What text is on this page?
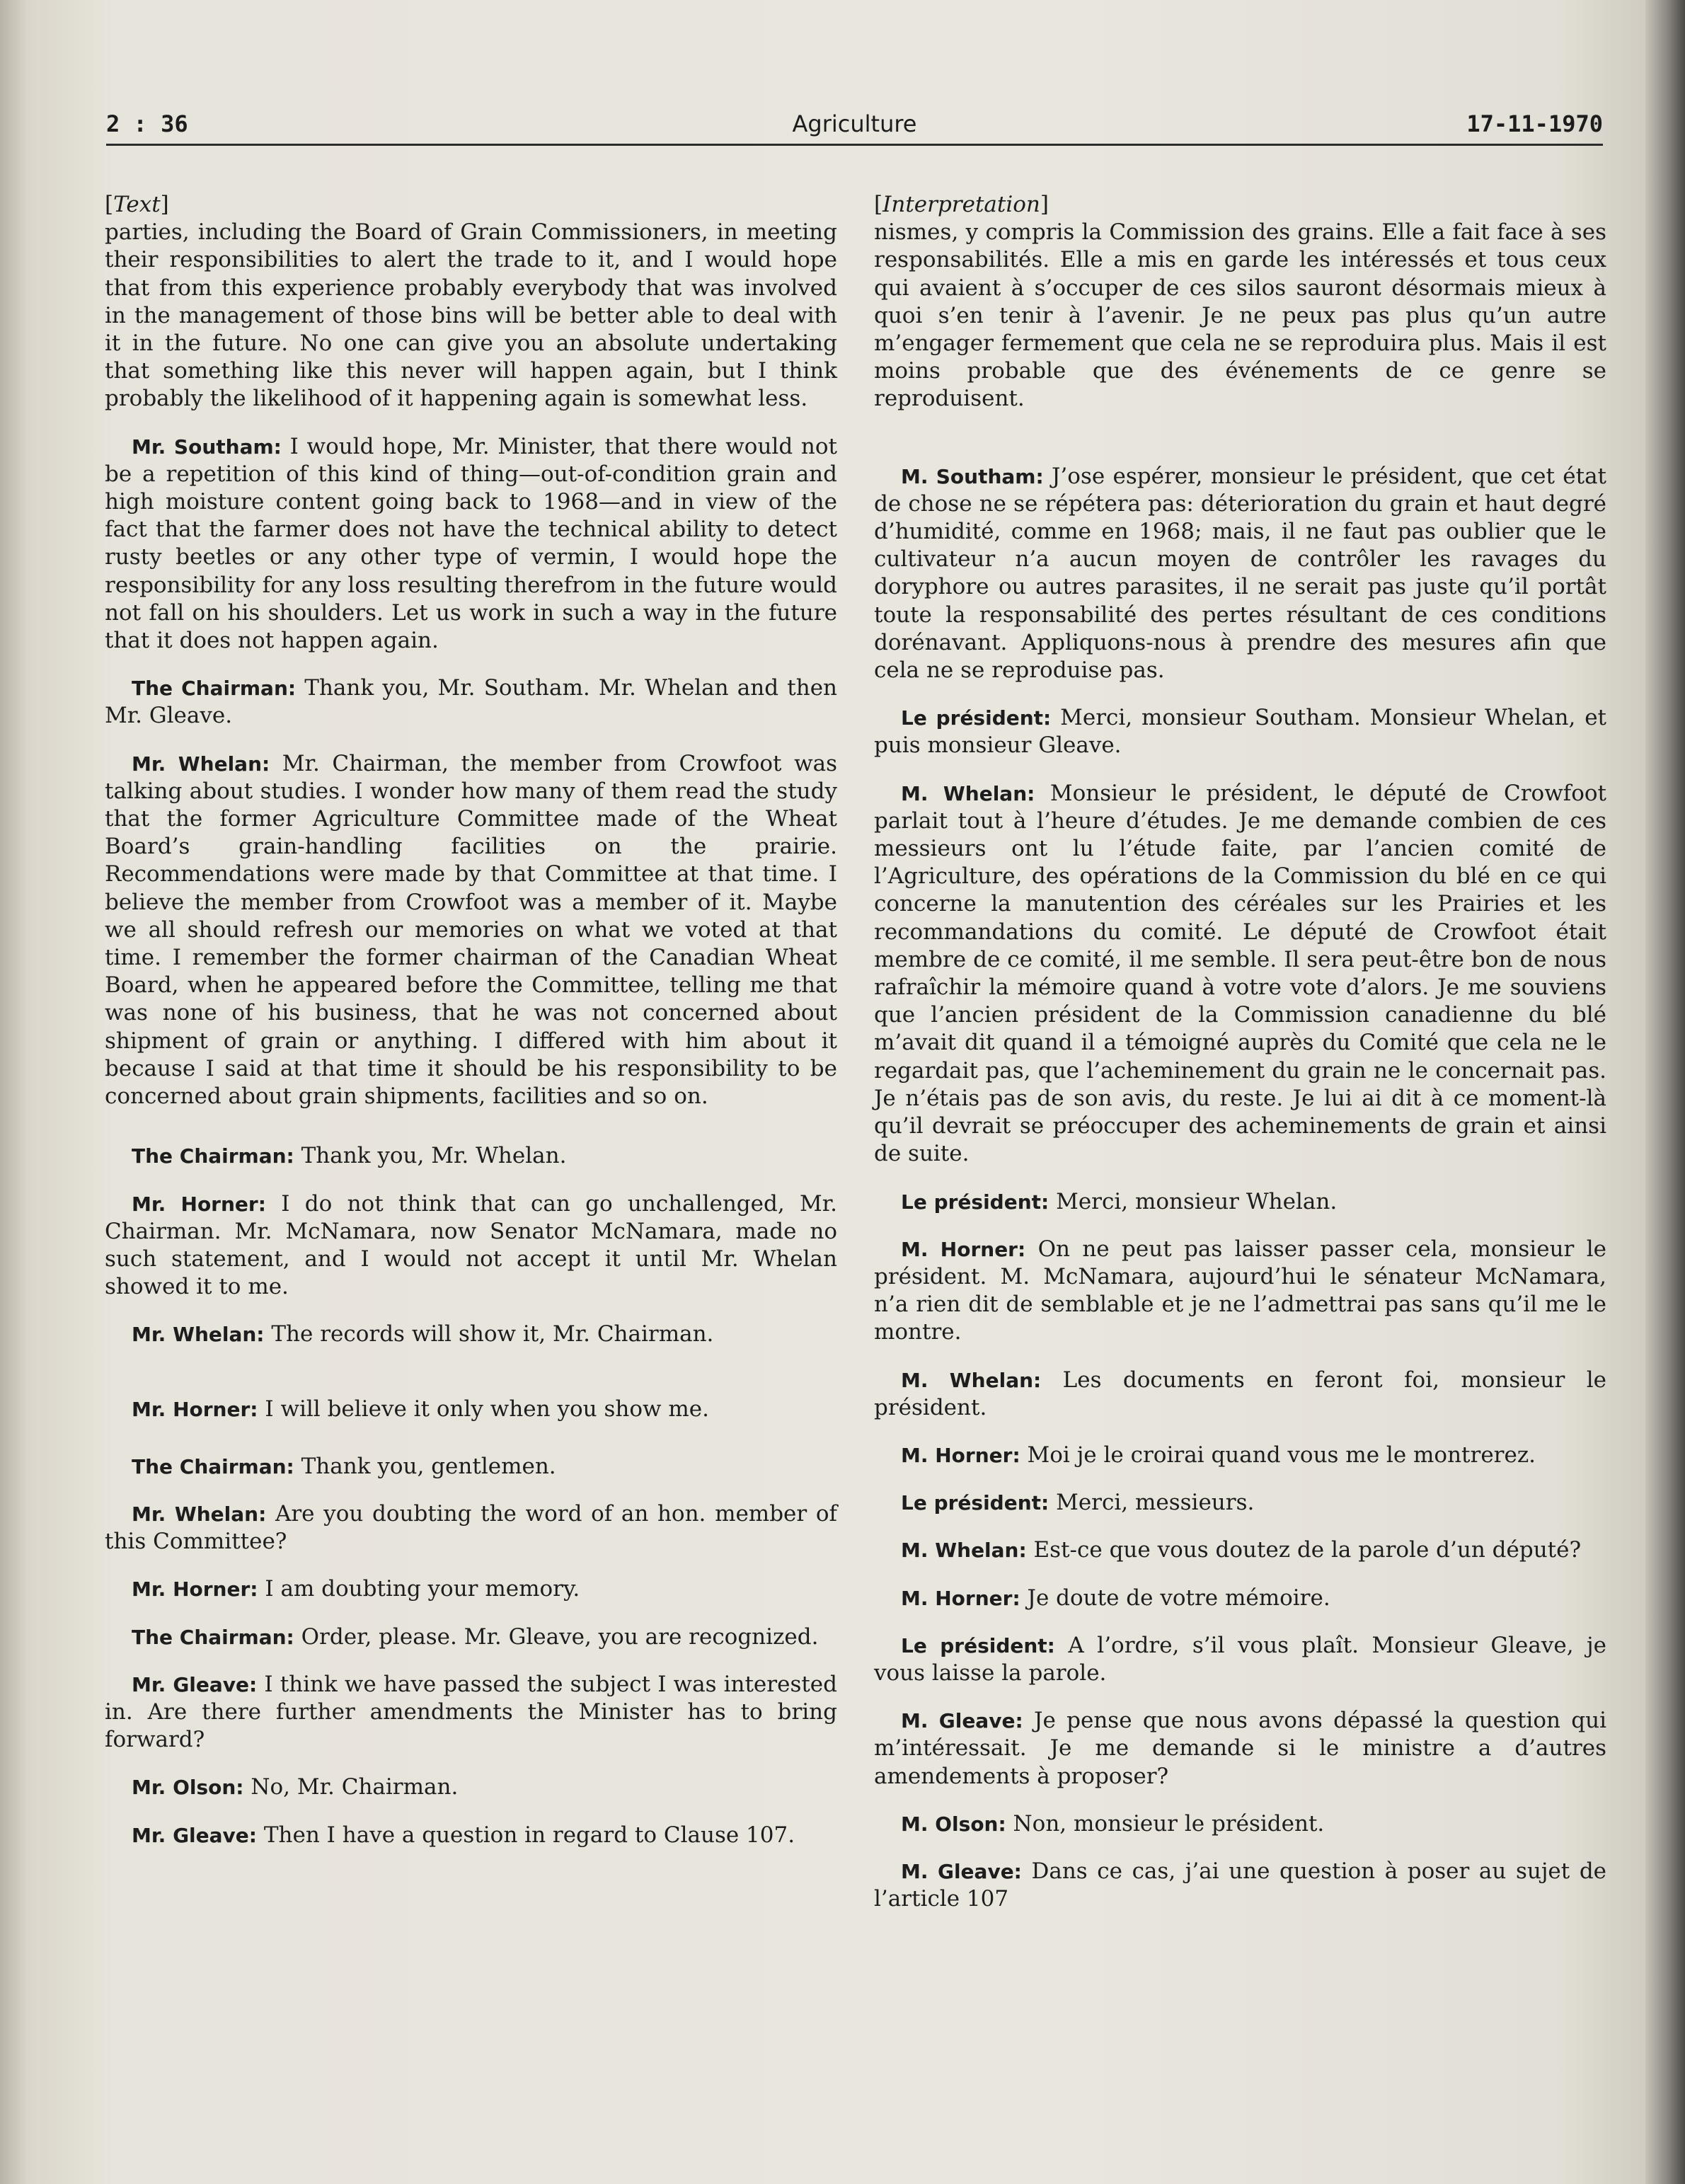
2 : 36	Agriculture	17-11-1970

[Text]

parties, including the Board of Grain Commissioners, in meeting their responsibilities to alert the trade to it, and I would hope that from this experience probably everybody that was involved in the management of those bins will be better able to deal with it in the future. No one can give you an absolute undertaking that something like this never will happen again, but I think probably the likelihood of it happening again is somewhat less.

Mr. Southam: I would hope, Mr. Minister, that there would not be a repetition of this kind of thing—out-of-condition grain and high moisture content going back to 1968—and in view of the fact that the farmer does not have the technical ability to detect rusty beetles or any other type of vermin, I would hope the responsibility for any loss resulting therefrom in the future would not fall on his shoulders. Let us work in such a way in the future that it does not happen again.

The Chairman: Thank you, Mr. Southam. Mr. Whelan and then Mr. Gleave.

Mr. Whelan: Mr. Chairman, the member from Crowfoot was talking about studies. I wonder how many of them read the study that the former Agriculture Committee made of the Wheat Board’s grain-handling facilities on the prairie. Recommendations were made by that Committee at that time. I believe the member from Crowfoot was a member of it. Maybe we all should refresh our memories on what we voted at that time. I remember the former chairman of the Canadian Wheat Board, when he appeared before the Committee, telling me that was none of his business, that he was not concerned about shipment of grain or anything. I differed with him about it because I said at that time it should be his responsibility to be concerned about grain shipments, facilities and so on.

The Chairman: Thank you, Mr. Whelan.

Mr. Horner: I do not think that can go unchallenged, Mr. Chairman. Mr. McNamara, now Senator McNamara, made no such statement, and I would not accept it until Mr. Whelan showed it to me.

Mr. Whelan: The records will show it, Mr. Chairman.

Mr. Horner: I will believe it only when you show me.

The Chairman: Thank you, gentlemen.

Mr. Whelan: Are you doubting the word of an hon. member of this Committee?

Mr. Horner: I am doubting your memory.

The Chairman: Order, please. Mr. Gleave, you are recognized.

Mr. Gleave: I think we have passed the subject I was interested in. Are there further amendments the Minister has to bring forward?

Mr. Olson: No, Mr. Chairman.

Mr. Gleave: Then I have a question in regard to Clause 107.

[Interpretation]

nismes, y compris la Commission des grains. Elle a fait face à ses responsabilités. Elle a mis en garde les intéressés et tous ceux qui avaient à s’occuper de ces silos sauront désormais mieux à quoi s’en tenir à l’avenir. Je ne peux pas plus qu’un autre m’engager fermement que cela ne se reproduira plus. Mais il est moins probable que des événements de ce genre se reproduisent.

M. Southam: J’ose espérer, monsieur le président, que cet état de chose ne se répétera pas: déterioration du grain et haut degré d’humidité, comme en 1968; mais, il ne faut pas oublier que le cultivateur n’a aucun moyen de contrôler les ravages du doryphore ou autres parasites, il ne serait pas juste qu’il portât toute la responsabilité des pertes résultant de ces conditions dorénavant. Appliquons-nous à prendre des mesures afin que cela ne se reproduise pas.

Le président: Merci, monsieur Southam. Monsieur Whelan, et puis monsieur Gleave.

M. Whelan: Monsieur le président, le député de Crowfoot parlait tout à l’heure d’études. Je me demande combien de ces messieurs ont lu l’étude faite, par l’ancien comité de l’Agriculture, des opérations de la Commission du blé en ce qui concerne la manutention des céréales sur les Prairies et les recommandations du comité. Le député de Crowfoot était membre de ce comité, il me semble. Il sera peut-être bon de nous rafraîchir la mémoire quand à votre vote d’alors. Je me souviens que l’ancien président de la Commission canadienne du blé m’avait dit quand il a témoigné auprès du Comité que cela ne le regardait pas, que l’acheminement du grain ne le concernait pas. Je n’étais pas de son avis, du reste. Je lui ai dit à ce moment-là qu’il devrait se préoccuper des acheminements de grain et ainsi de suite.

Le président: Merci, monsieur Whelan.

M. Horner: On ne peut pas laisser passer cela, monsieur le président. M. McNamara, aujourd’hui le sénateur McNamara, n’a rien dit de semblable et je ne l’admettrai pas sans qu’il me le montre.

M. Whelan: Les documents en feront foi, monsieur le président.

M. Horner: Moi je le croirai quand vous me le montrerez.

Le président: Merci, messieurs.

M. Whelan: Est-ce que vous doutez de la parole d’un député?

M. Horner: Je doute de votre mémoire.

Le président: A l’ordre, s’il vous plaît. Monsieur Gleave, je vous laisse la parole.

M. Gleave: Je pense que nous avons dépassé la question qui m’intéressait. Je me demande si le ministre a d’autres amendements à proposer?

M. Olson: Non, monsieur le président.

M. Gleave: Dans ce cas, j’ai une question à poser au sujet de l’article 107
